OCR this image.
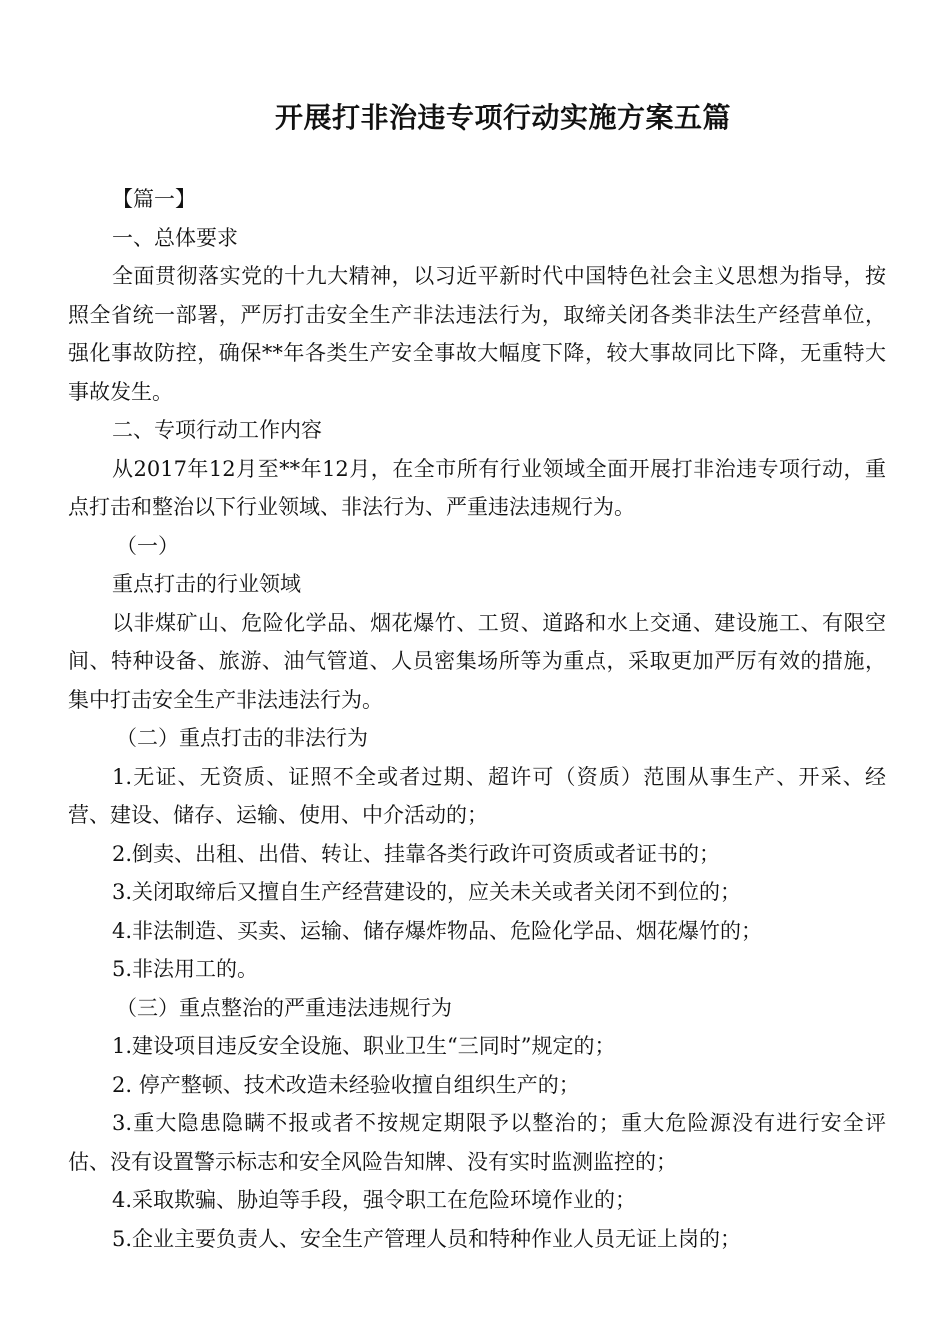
开展打非治违专项行动实施方案五篇

【篇一】

一、总体要求

全面贯彻落实党的十九大精神，以习近平新时代中国特色社会主义思想为指导，按照全省统一部署，严厉打击安全生产非法违法行为，取缔关闭各类非法生产经营单位，强化事故防控，确保**年各类生产安全事故大幅度下降，较大事故同比下降，无重特大事故发生。

二、专项行动工作内容

从2017年12月至**年12月，在全市所有行业领域全面开展打非治违专项行动，重点打击和整治以下行业领域、非法行为、严重违法违规行为。

（一）

重点打击的行业领域

以非煤矿山、危险化学品、烟花爆竹、工贸、道路和水上交通、建设施工、有限空间、特种设备、旅游、油气管道、人员密集场所等为重点，采取更加严厉有效的措施，集中打击安全生产非法违法行为。

（二）重点打击的非法行为

1.无证、无资质、证照不全或者过期、超许可（资质）范围从事生产、开采、经营、建设、储存、运输、使用、中介活动的；

2.倒卖、出租、出借、转让、挂靠各类行政许可资质或者证书的；

3.关闭取缔后又擅自生产经营建设的，应关未关或者关闭不到位的；

4.非法制造、买卖、运输、储存爆炸物品、危险化学品、烟花爆竹的；

5.非法用工的。

（三）重点整治的严重违法违规行为

1.建设项目违反安全设施、职业卫生“三同时”规定的；

2. 停产整顿、技术改造未经验收擅自组织生产的；

3.重大隐患隐瞒不报或者不按规定期限予以整治的；重大危险源没有进行安全评估、没有设置警示标志和安全风险告知牌、没有实时监测监控的；

4.采取欺骗、胁迫等手段，强令职工在危险环境作业的；

5.企业主要负责人、安全生产管理人员和特种作业人员无证上岗的；
